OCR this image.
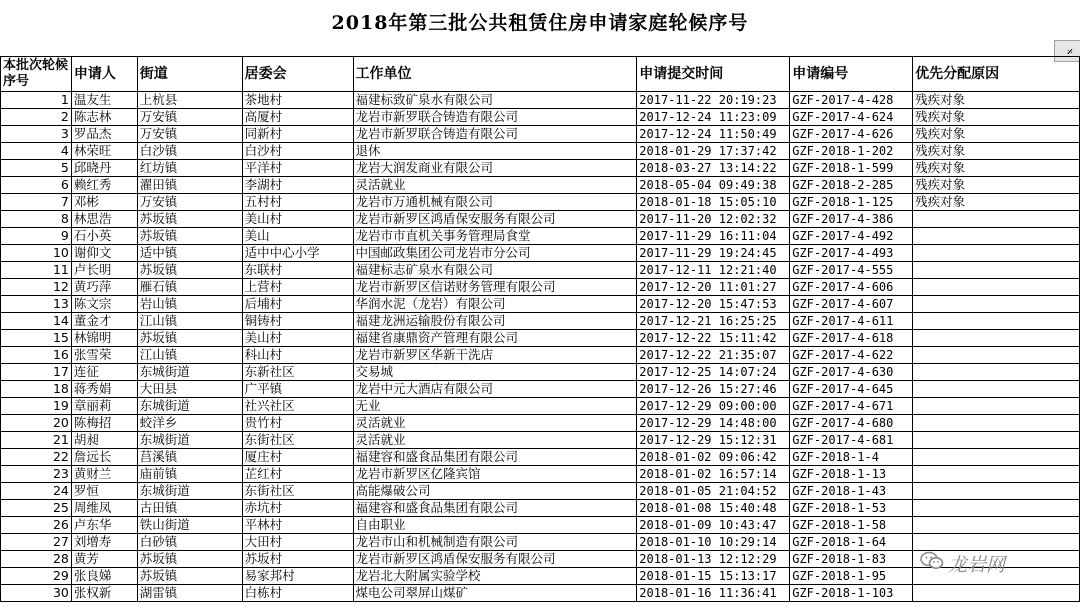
2018年第三批公共租赁住房申请家庭轮候序号
𝄎
本批次轮候序号	申请人	街道	居委会	工作单位	申请提交时间	申请编号	优先分配原因
1	温友生	上杭县	茶地村	福建标致矿泉水有限公司	2017-11-22 20:19:23	GZF-2017-4-428	残疾对象
2	陈志林	万安镇	高厦村	龙岩市新罗联合铸造有限公司	2017-12-24 11:23:09	GZF-2017-4-624	残疾对象
3	罗品杰	万安镇	同新村	龙岩市新罗联合铸造有限公司	2017-12-24 11:50:49	GZF-2017-4-626	残疾对象
4	林荣旺	白沙镇	白沙村	退休	2018-01-29 17:37:42	GZF-2018-1-202	残疾对象
5	邱晓丹	红坊镇	平洋村	龙岩大润发商业有限公司	2018-03-27 13:14:22	GZF-2018-1-599	残疾对象
6	赖红秀	濯田镇	李湖村	灵活就业	2018-05-04 09:49:38	GZF-2018-2-285	残疾对象
7	邓彬	万安镇	五村村	龙岩市万通机械有限公司	2018-01-18 15:05:10	GZF-2018-1-125	残疾对象
8	林思浩	苏坂镇	美山村	龙岩市新罗区鸿盾保安服务有限公司	2017-11-20 12:02:32	GZF-2017-4-386	
9	石小英	苏坂镇	美山	龙岩市市直机关事务管理局食堂	2017-11-29 16:11:04	GZF-2017-4-492	
10	谢仰文	适中镇	适中中心小学	中国邮政集团公司龙岩市分公司	2017-11-29 19:24:45	GZF-2017-4-493	
11	卢长明	苏坂镇	东联村	福建标志矿泉水有限公司	2017-12-11 12:21:40	GZF-2017-4-555	
12	黄巧萍	雁石镇	上营村	龙岩市新罗区信诺财务管理有限公司	2017-12-20 11:01:27	GZF-2017-4-606	
13	陈文宗	岩山镇	后埔村	华润水泥（龙岩）有限公司	2017-12-20 15:47:53	GZF-2017-4-607	
14	董金才	江山镇	铜铸村	福建龙洲运输股份有限公司	2017-12-21 16:25:25	GZF-2017-4-611	
15	林锦明	苏坂镇	美山村	福建省康鼎资产管理有限公司	2017-12-22 15:11:42	GZF-2017-4-618	
16	张雪荣	江山镇	科山村	龙岩市新罗区华新干洗店	2017-12-22 21:35:07	GZF-2017-4-622	
17	连征	东城街道	东新社区	交易城	2017-12-25 14:07:24	GZF-2017-4-630	
18	蒋秀娟	大田县	广平镇	龙岩中元大酒店有限公司	2017-12-26 15:27:46	GZF-2017-4-645	
19	章丽莉	东城街道	社兴社区	无业	2017-12-29 09:00:00	GZF-2017-4-671	
20	陈梅招	蛟洋乡	贵竹村	灵活就业	2017-12-29 14:48:00	GZF-2017-4-680	
21	胡昶	东城街道	东街社区	灵活就业	2017-12-29 15:12:31	GZF-2017-4-681	
22	詹远长	莒溪镇	厦庄村	福建容和盛食品集团有限公司	2018-01-02 09:06:42	GZF-2018-1-4	
23	黄财兰	庙前镇	芷红村	龙岩市新罗区亿隆宾馆	2018-01-02 16:57:14	GZF-2018-1-13	
24	罗恒	东城街道	东街社区	高能爆破公司	2018-01-05 21:04:52	GZF-2018-1-43	
25	周维凤	古田镇	赤坑村	福建容和盛食品集团有限公司	2018-01-08 15:40:48	GZF-2018-1-53	
26	卢东华	铁山街道	平林村	自由职业	2018-01-09 10:43:47	GZF-2018-1-58	
27	刘增寿	白砂镇	大田村	龙岩市山和机械制造有限公司	2018-01-10 10:29:14	GZF-2018-1-64	
28	黄芳	苏坂镇	苏坂村	龙岩市新罗区鸿盾保安服务有限公司	2018-01-13 12:12:29	GZF-2018-1-83	
29	张良娣	苏坂镇	易家邦村	龙岩北大附属实验学校	2018-01-15 15:13:17	GZF-2018-1-95	
30	张权新	湖雷镇	白栋村	煤电公司翠屏山煤矿	2018-01-16 11:36:41	GZF-2018-1-103	
龙岩网
